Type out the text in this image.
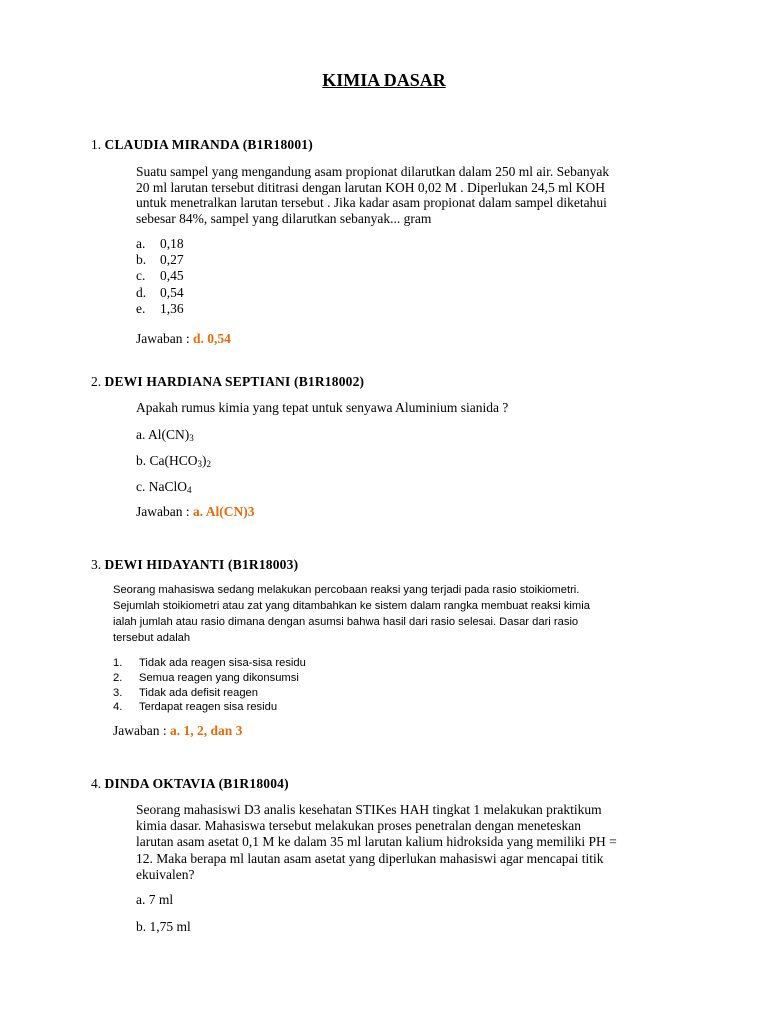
KIMIA DASAR
1. CLAUDIA MIRANDA (B1R18001)
Suatu sampel yang mengandung asam propionat dilarutkan dalam 250 ml air. Sebanyak
20 ml larutan tersebut dititrasi dengan larutan KOH 0,02 M . Diperlukan 24,5 ml KOH
untuk menetralkan larutan tersebut . Jika kadar asam propionat dalam sampel diketahui
sebesar 84%, sampel yang dilarutkan sebanyak... gram
a. 0,18
b. 0,27
c. 0,45
d. 0,54
e. 1,36
Jawaban : d. 0,54
2. DEWI HARDIANA SEPTIANI (B1R18002)
Apakah rumus kimia yang tepat untuk senyawa Aluminium sianida ?
a. $Al(CN)_3$
b. $Ca(HCO_3)_2$
c. NaClO$_4$
Jawaban : a. Al(CN)3
3. DEWI HIDAYANTI (B1R18003)
Seorang mahasiswa sedang melakukan percobaan reaksi yang terjadi pada rasio stoikiometri.
Sejumlah stoikiometri atau zat yang ditambahkan ke sistem dalam rangka membuat reaksi kimia
ialah jumlah atau rasio dimana dengan asumsi bahwa hasil dari rasio selesai. Dasar dari rasio
tersebut adalah
1. Tidak ada reagen sisa-sisa residu
2. Semua reagen yang dikonsumsi
3. Tidak ada defisit reagen
4. Terdapat reagen sisa residu
Jawaban : a. 1, 2, dan 3
4. DINDA OKTAVIA (B1R18004)
Seorang mahasiswi D3 analis kesehatan STIKes HAH tingkat 1 melakukan praktikum
kimia dasar. Mahasiswa tersebut melakukan proses penetralan dengan meneteskan
larutan asam asetat 0,1 M ke dalam 35 ml larutan kalium hidroksida yang memiliki PH =
12. Maka berapa ml lautan asam asetat yang diperlukan mahasiswi agar mencapai titik
ekuivalen?
a. 7 ml
b. 1,75 ml
